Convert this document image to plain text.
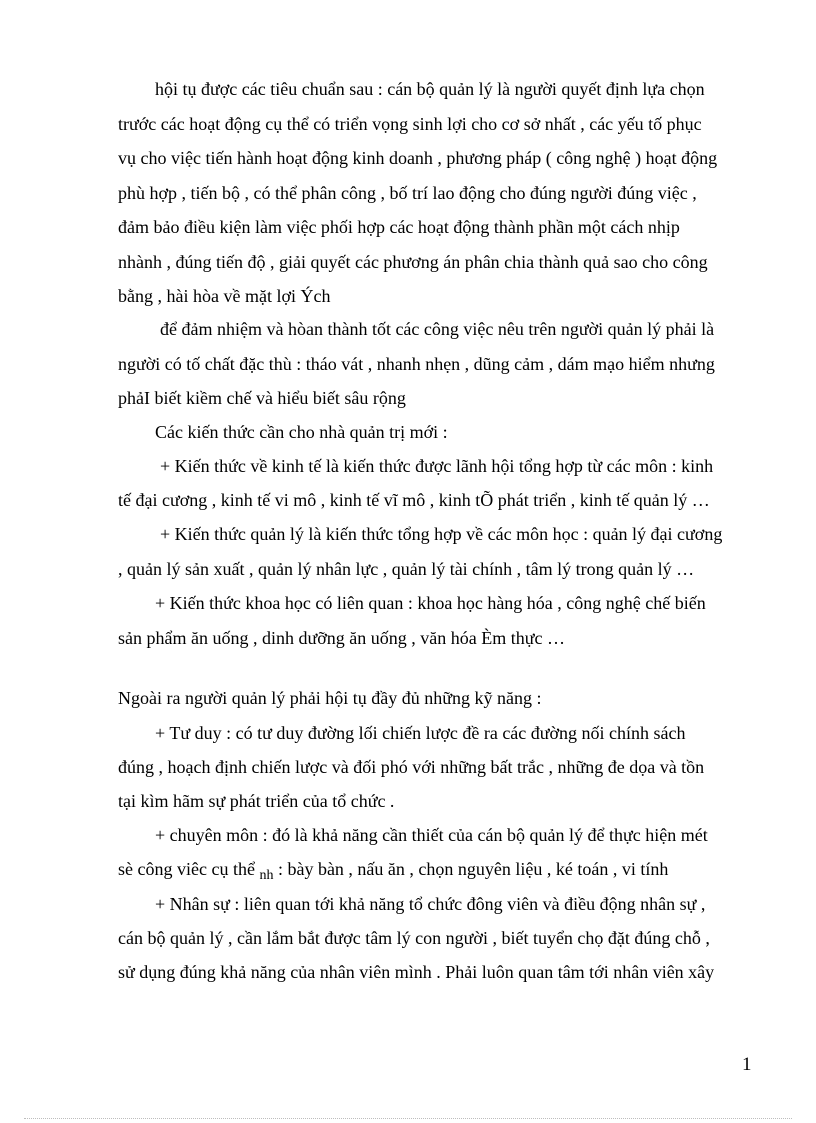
hội tụ được các tiêu chuẩn sau : cán bộ quản lý là người quyết định lựa chọn
trước các hoạt động cụ thể có triển vọng sinh lợi cho cơ sở nhất , các yếu tố phục
vụ cho việc tiến hành hoạt động kinh doanh , phương pháp ( công nghệ ) hoạt động
phù hợp , tiến bộ , có thể phân công , bố trí lao động cho đúng người đúng việc ,
đảm bảo điều kiện làm việc phối hợp các hoạt động thành phần một cách nhịp
nhành , đúng tiến độ , giải quyết các phương án phân chia thành quả sao cho công
bằng , hài hòa về mặt lợi Ých
để đảm nhiệm và hòan thành tốt các công việc nêu trên người quản lý phải là
người có tố chất đặc thù : tháo vát , nhanh nhẹn , dũng cảm , dám mạo hiểm nhưng
phảI biết kiềm chế và hiểu biết sâu rộng
Các kiến thức cần cho nhà quản trị mới :
+ Kiến thức về kinh tế là kiến thức được lãnh hội tổng hợp từ các môn : kinh
tế đại cương , kinh tế vi mô , kinh tế vĩ mô , kinh tÕ phát triển , kinh tế quản lý …
+ Kiến thức quản lý là kiến thức tổng hợp về các môn học : quản lý đại cương
, quản lý sản xuất , quản lý nhân lực , quản lý tài chính , tâm lý trong quản lý …
+ Kiến thức khoa học có liên quan : khoa học hàng hóa , công nghệ chế biến
sản phẩm ăn uống , dinh dưỡng ăn uống , văn hóa Èm thực …
Ngoài ra người quản lý phải hội tụ đầy đủ những kỹ năng :
+ Tư duy : có tư duy đường lối chiến lược đề ra các đường nối chính sách
đúng , hoạch định chiến lược và đối phó với những bất trắc , những đe dọa và tồn
tại kìm hãm sự phát triển của tổ chức .
+ chuyên môn : đó là khả năng cần thiết của cán bộ quản lý để thực hiện mét
sè công viêc cụ thể $_{nh}$ : bày bàn , nấu ăn , chọn nguyên liệu , ké toán , vi tính
+ Nhân sự : liên quan tới khả năng tổ chức đông viên và điều động nhân sự ,
cán bộ quản lý , cần lắm bắt được tâm lý con người , biết tuyển chọ đặt đúng chỗ ,
sử dụng đúng khả năng của nhân viên mình . Phải luôn quan tâm tới nhân viên xây
1
